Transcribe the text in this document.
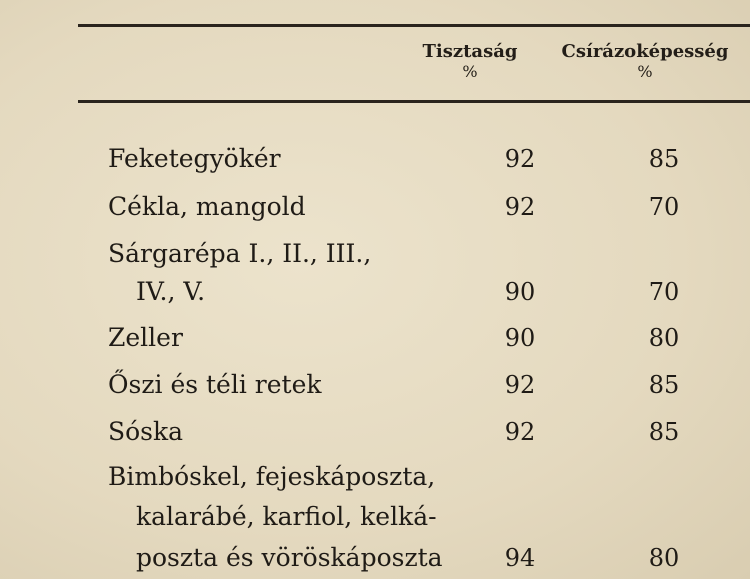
Tisztaság
%
Csírázoképesség
%
Feketegyökér	92	85
Cékla, mangold	92	70
Sárgarépa I., II., III.,
IV., V.	90	70
Zeller	90	80
Őszi és téli retek	92	85
Sóska	92	85
Bimbóskel, fejeskáposzta,
kalarábé, karfiol, kelká-
poszta és vöröskáposzta	94	80
